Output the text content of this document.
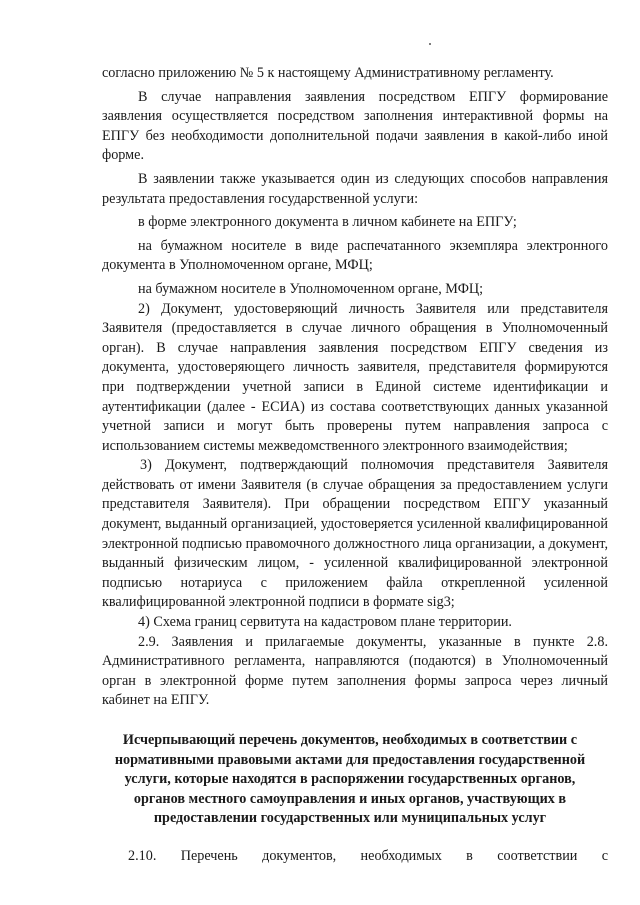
согласно приложению № 5 к настоящему Административному регламенту.

В случае направления заявления посредством ЕПГУ формирование заявления осуществляется посредством заполнения интерактивной формы на ЕПГУ без необходимости дополнительной подачи заявления в какой-либо иной форме.

В заявлении также указывается один из следующих способов направления результата предоставления государственной услуги:

в форме электронного документа в личном кабинете на ЕПГУ;

на бумажном носителе в виде распечатанного экземпляра электронного документа в Уполномоченном органе, МФЦ;

на бумажном носителе в Уполномоченном органе, МФЦ;

2) Документ, удостоверяющий личность Заявителя или представителя Заявителя (предоставляется в случае личного обращения в Уполномоченный орган). В случае направления заявления посредством ЕПГУ сведения из документа, удостоверяющего личность заявителя, представителя формируются при подтверждении учетной записи в Единой системе идентификации и аутентификации (далее - ЕСИА) из состава соответствующих данных указанной учетной записи и могут быть проверены путем направления запроса с использованием системы межведомственного электронного взаимодействия;

3) Документ, подтверждающий полномочия представителя Заявителя действовать от имени Заявителя (в случае обращения за предоставлением услуги представителя Заявителя). При обращении посредством ЕПГУ указанный документ, выданный организацией, удостоверяется усиленной квалифицированной электронной подписью правомочного должностного лица организации, а документ, выданный физическим лицом, - усиленной квалифицированной электронной подписью нотариуса с приложением файла открепленной усиленной квалифицированной электронной подписи в формате sig3;

4) Схема границ сервитута на кадастровом плане территории.

2.9. Заявления и прилагаемые документы, указанные в пункте 2.8. Административного регламента, направляются (подаются) в Уполномоченный орган в электронной форме путем заполнения формы запроса через личный кабинет на ЕПГУ.

Исчерпывающий перечень документов, необходимых в соответствии с нормативными правовыми актами для предоставления государственной услуги, которые находятся в распоряжении государственных органов, органов местного самоуправления и иных органов, участвующих в предоставлении государственных или муниципальных услуг

2.10. Перечень документов, необходимых в соответствии с
